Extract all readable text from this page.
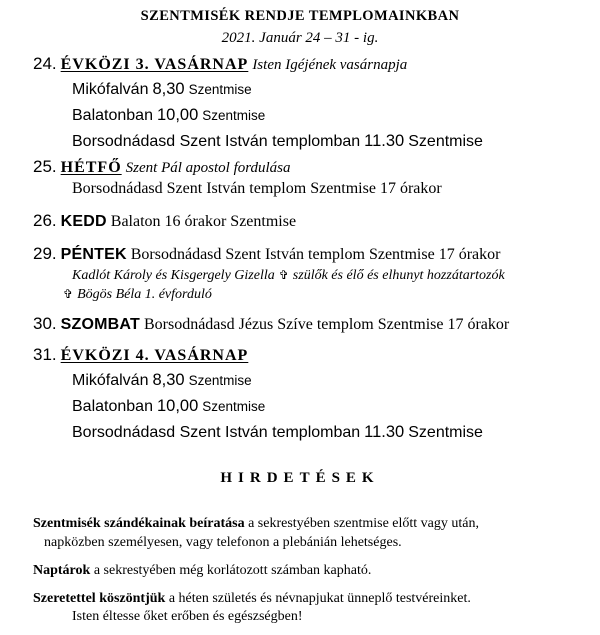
SZENTMISÉK RENDJE TEMPLOMAINKBAN
2021. Január 24 – 31 - ig.
24. ÉVKÖZI 3. VASÁRNAP Isten Igéjének vasárnapja
Mikófalván 8,30 Szentmise
Balatonban 10,00 Szentmise
Borsodnádasd Szent István templomban 11.30 Szentmise
25. HÉTFŐ Szent Pál apostol fordulása
Borsodnádasd Szent István templom Szentmise 17 órakor
26. KEDD Balaton 16 órakor Szentmise
29. PÉNTEK Borsodnádasd Szent István templom Szentmise 17 órakor
Kadlót Károly és Kisgergely Gizella ✞ szülők és élő és elhunyt hozzátartozók
✞ Bögös Béla 1. évforduló
30. SZOMBAT Borsodnádasd Jézus Szíve templom Szentmise 17 órakor
31. ÉVKÖZI 4. VASÁRNAP
Mikófalván 8,30 Szentmise
Balatonban 10,00 Szentmise
Borsodnádasd Szent István templomban 11.30 Szentmise
HIRDETÉSEK
Szentmisék szándékainak beíratása a sekrestyében szentmise előtt vagy után,
napközben személyesen, vagy telefonon a plebánián lehetséges.
Naptárok a sekrestyében még korlátozott számban kapható.
Szeretettel köszöntjük a héten születés és névnapjukat ünneplő testvéreinket.
Isten éltesse őket erőben és egészségben!
